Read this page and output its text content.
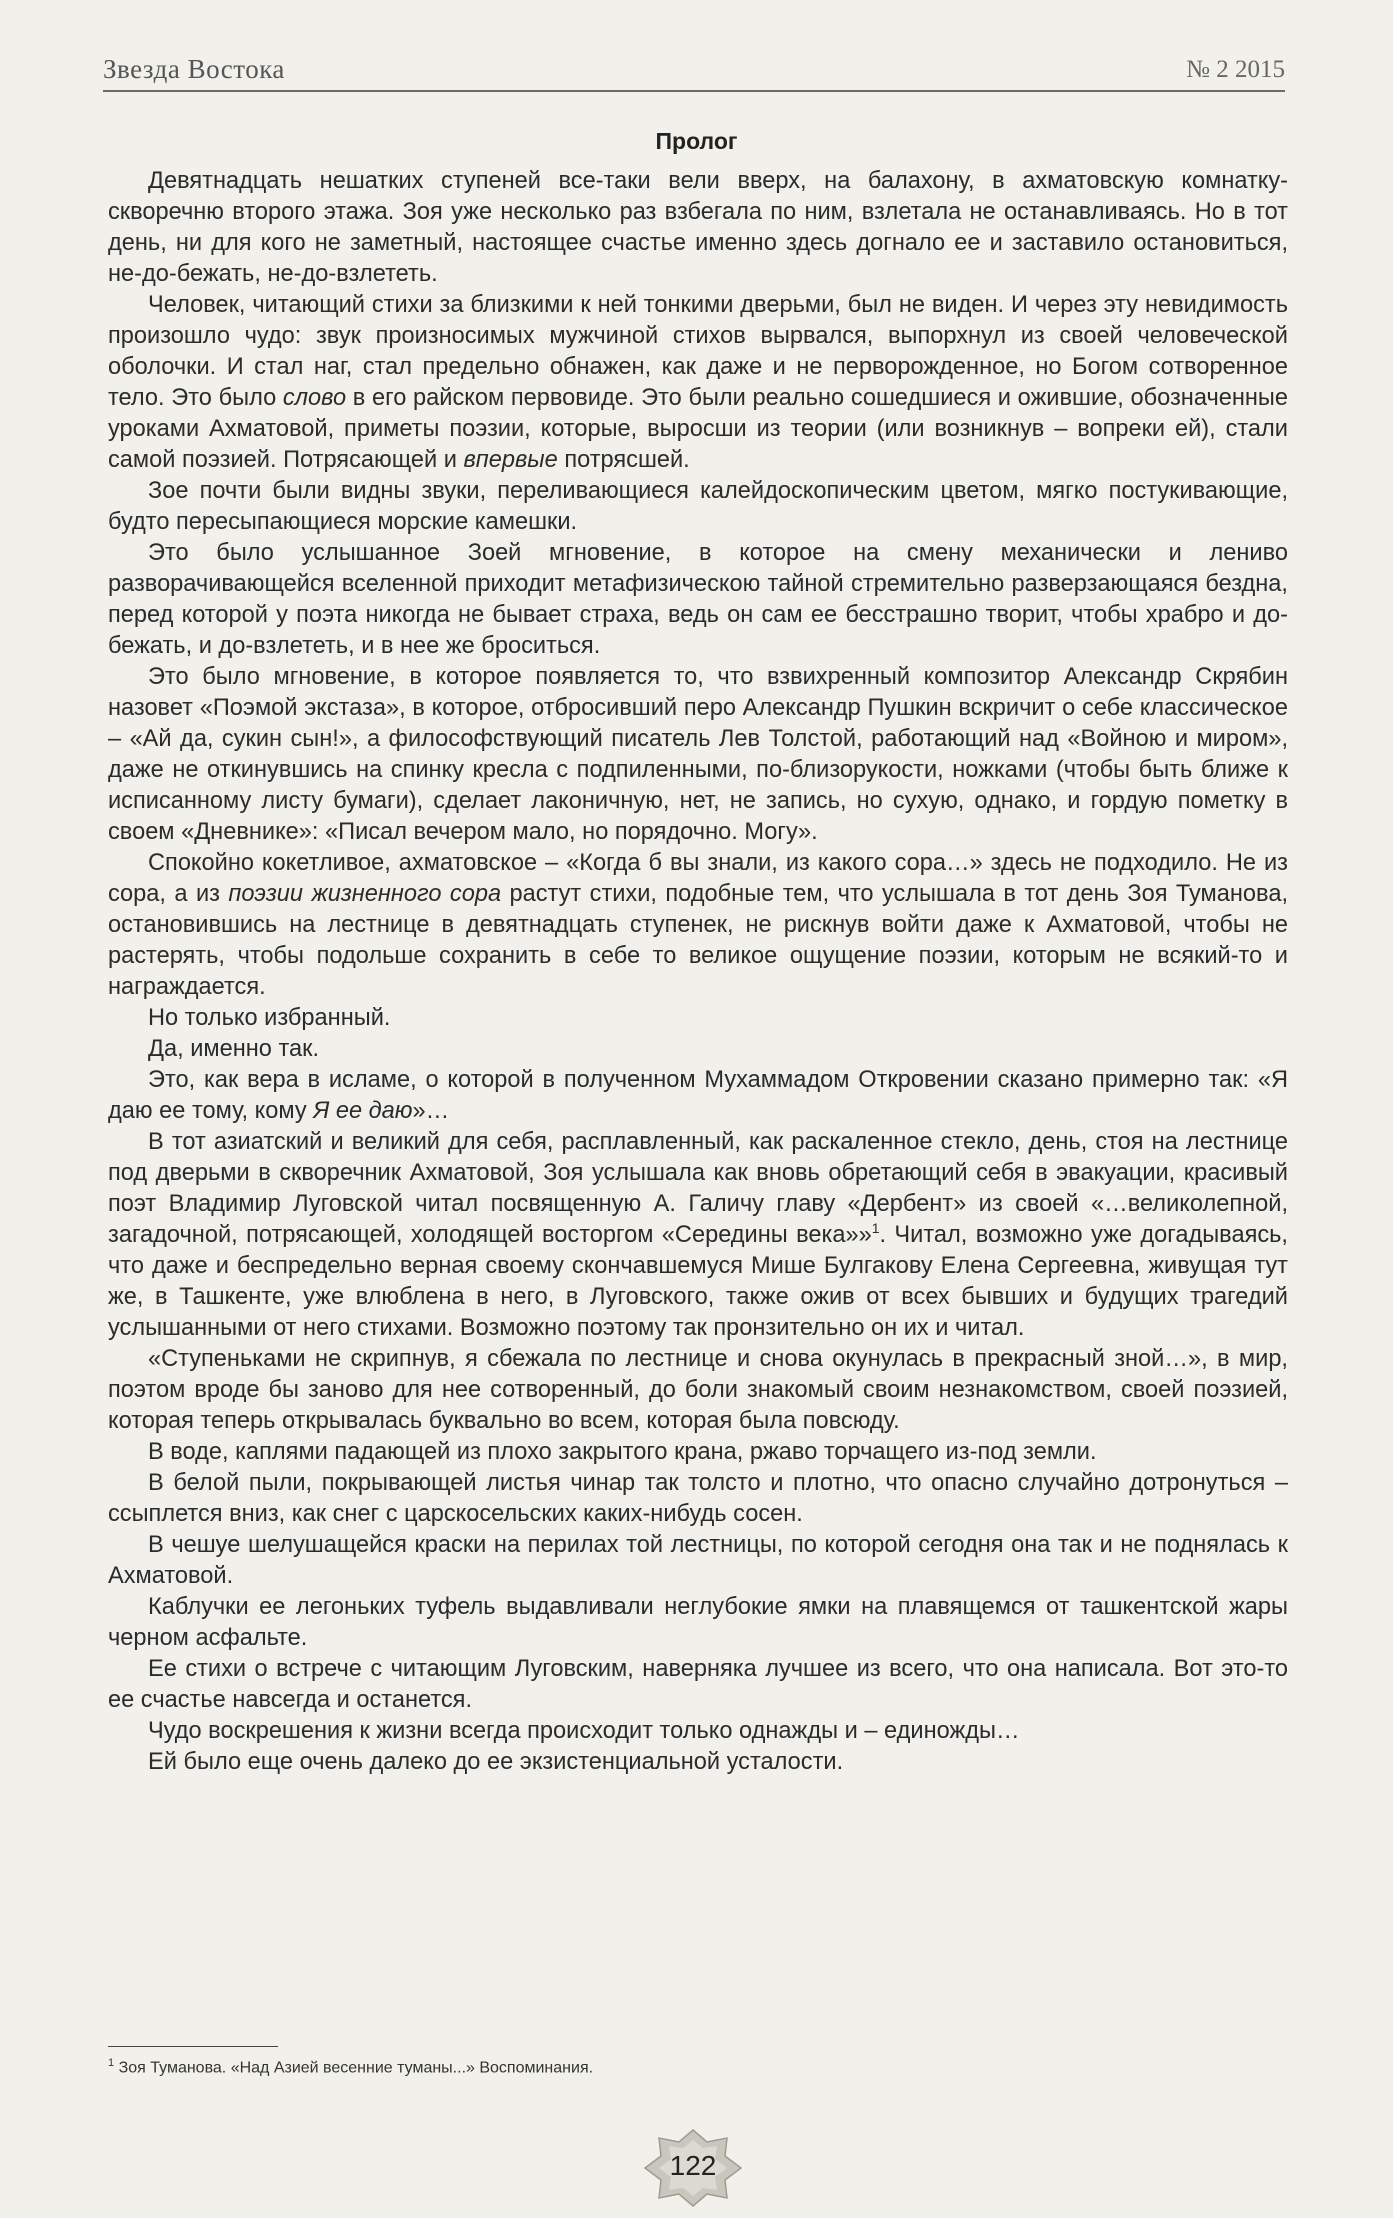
Звезда Востока	№ 2 2015
Пролог

Девятнадцать нешатких ступеней все-таки вели вверх, на балахону, в ахматовскую комнатку-скворечню второго этажа. Зоя уже несколько раз взбегала по ним, взлетала не останавливаясь. Но в тот день, ни для кого не заметный, настоящее счастье именно здесь догнало ее и заставило остановиться, не-до-бежать, не-до-взлететь.

Человек, читающий стихи за близкими к ней тонкими дверьми, был не виден. И через эту невидимость произошло чудо: звук произносимых мужчиной стихов вырвался, выпорхнул из своей человеческой оболочки. И стал наг, стал предельно обнажен, как даже и не перворожденное, но Богом сотворенное тело. Это было слово в его райском первовиде. Это были реально сошедшиеся и ожившие, обозначенные уроками Ахматовой, приметы поэзии, которые, выросши из теории (или возникнув – вопреки ей), стали самой поэзией. Потрясающей и впервые потрясшей.

Зое почти были видны звуки, переливающиеся калейдоскопическим цветом, мягко постукивающие, будто пересыпающиеся морские камешки.

Это было услышанное Зоей мгновение, в которое на смену механически и лениво разворачивающейся вселенной приходит метафизическою тайной стремительно разверзающаяся бездна, перед которой у поэта никогда не бывает страха, ведь он сам ее бесстрашно творит, чтобы храбро и до-бежать, и до-взлететь, и в нее же броситься.

Это было мгновение, в которое появляется то, что взвихренный композитор Александр Скрябин назовет «Поэмой экстаза», в которое, отбросивший перо Александр Пушкин вскричит о себе классическое – «Ай да, сукин сын!», а философствующий писатель Лев Толстой, работающий над «Войною и миром», даже не откинувшись на спинку кресла с подпиленными, по-близорукости, ножками (чтобы быть ближе к исписанному листу бумаги), сделает лаконичную, нет, не запись, но сухую, однако, и гордую пометку в своем «Дневнике»: «Писал вечером мало, но порядочно. Могу».

Спокойно кокетливое, ахматовское – «Когда б вы знали, из какого сора…» здесь не подходило. Не из сора, а из поэзии жизненного сора растут стихи, подобные тем, что услышала в тот день Зоя Туманова, остановившись на лестнице в девятнадцать ступенек, не рискнув войти даже к Ахматовой, чтобы не растерять, чтобы подольше сохранить в себе то великое ощущение поэзии, которым не всякий-то и награждается.

Но только избранный.

Да, именно так.

Это, как вера в исламе, о которой в полученном Мухаммадом Откровении сказано примерно так: «Я даю ее тому, кому Я ее даю»…

В тот азиатский и великий для себя, расплавленный, как раскаленное стекло, день, стоя на лестнице под дверьми в скворечник Ахматовой, Зоя услышала как вновь обретающий себя в эвакуации, красивый поэт Владимир Луговской читал посвященную А. Галичу главу «Дербент» из своей «…великолепной, загадочной, потрясающей, холодящей восторгом «Середины века»»$^1$. Читал, возможно уже догадываясь, что даже и беспредельно верная своему скончавшемуся Мише Булгакову Елена Сергеевна, живущая тут же, в Ташкенте, уже влюблена в него, в Луговского, также ожив от всех бывших и будущих трагедий услышанными от него стихами. Возможно поэтому так пронзительно он их и читал.

«Ступеньками не скрипнув, я сбежала по лестнице и снова окунулась в прекрасный зной…», в мир, поэтом вроде бы заново для нее сотворенный, до боли знакомый своим незнакомством, своей поэзией, которая теперь открывалась буквально во всем, которая была повсюду.

В воде, каплями падающей из плохо закрытого крана, ржаво торчащего из-под земли.

В белой пыли, покрывающей листья чинар так толсто и плотно, что опасно случайно дотронуться – ссыплется вниз, как снег с царскосельских каких-нибудь сосен.

В чешуе шелушащейся краски на перилах той лестницы, по которой сегодня она так и не поднялась к Ахматовой.

Каблучки ее легоньких туфель выдавливали неглубокие ямки на плавящемся от ташкентской жары черном асфальте.

Ее стихи о встрече с читающим Луговским, наверняка лучшее из всего, что она написала. Вот это-то ее счастье навсегда и останется.

Чудо воскрешения к жизни всегда происходит только однажды и – единожды…

Ей было еще очень далеко до ее экзистенциальной усталости.

$^1$ Зоя Туманова. «Над Азией весенние туманы...» Воспоминания.
122
